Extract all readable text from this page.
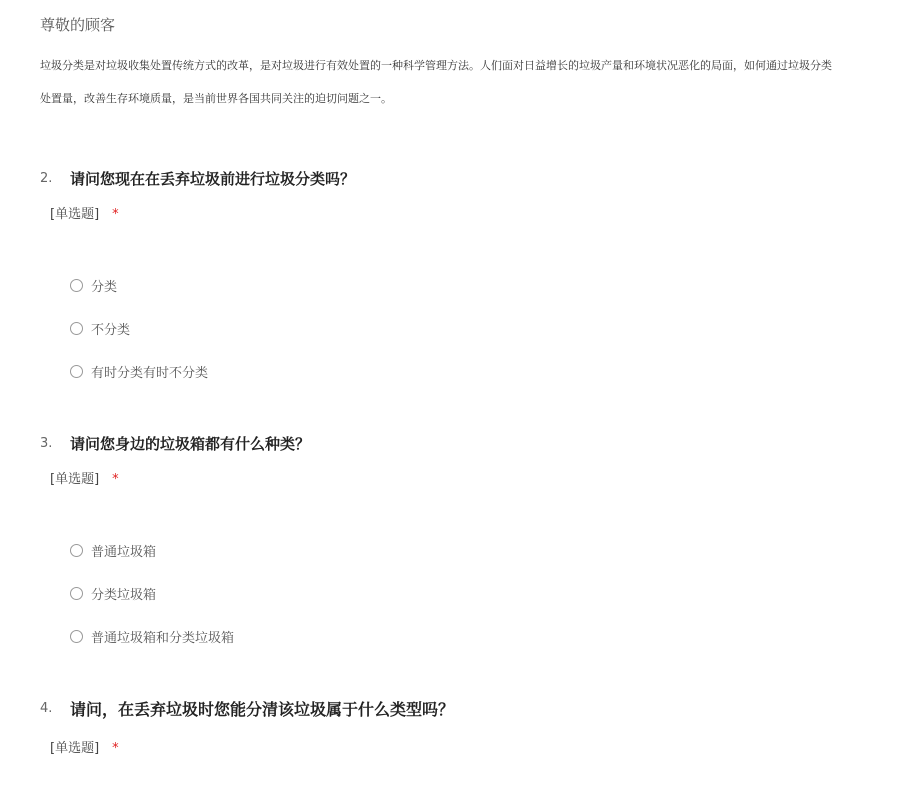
尊敬的顾客
垃圾分类是对垃圾收集处置传统方式的改革，是对垃圾进行有效处置的一种科学管理方法。人们面对日益增长的垃圾产量和环境状况恶化的局面，如何通过垃圾分类
处置量，改善生存环境质量，是当前世界各国共同关注的迫切问题之一。
2. 请问您现在在丢弃垃圾前进行垃圾分类吗？
[单选题] *
分类
不分类
有时分类有时不分类
3. 请问您身边的垃圾箱都有什么种类？
[单选题] *
普通垃圾箱
分类垃圾箱
普通垃圾箱和分类垃圾箱
4. 请问，在丢弃垃圾时您能分清该垃圾属于什么类型吗？
[单选题] *
